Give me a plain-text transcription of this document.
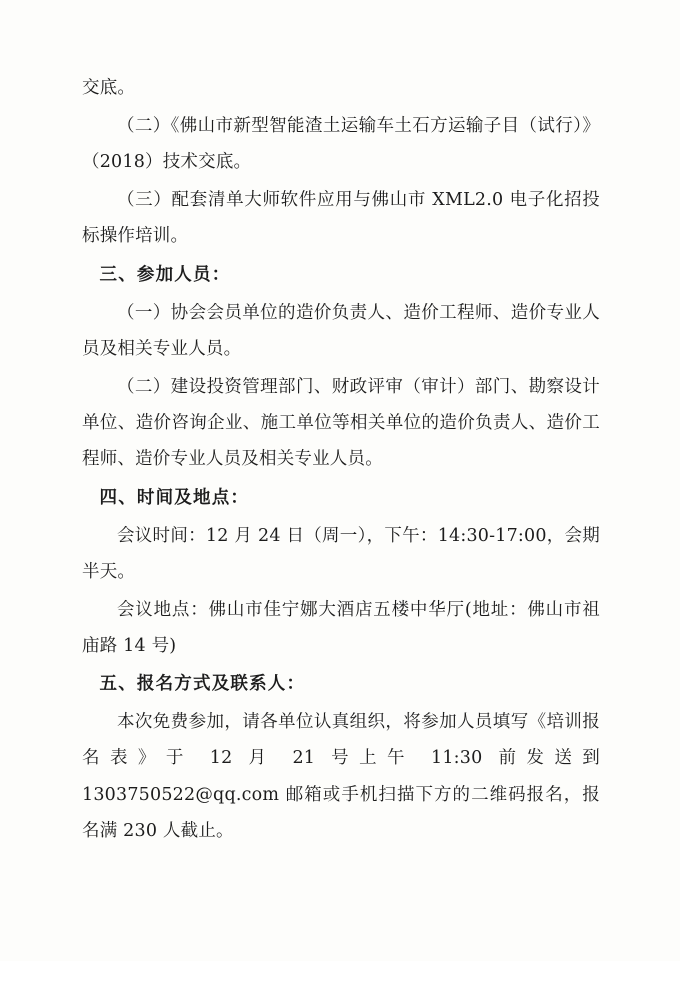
交底。

（二）《佛山市新型智能渣土运输车土石方运输子目（试行）》（2018）技术交底。

（三）配套清单大师软件应用与佛山市 XML2.0 电子化招投标操作培训。

三、参加人员：

（一）协会会员单位的造价负责人、造价工程师、造价专业人员及相关专业人员。

（二）建设投资管理部门、财政评审（审计）部门、勘察设计单位、造价咨询企业、施工单位等相关单位的造价负责人、造价工程师、造价专业人员及相关专业人员。

四、时间及地点：

会议时间：12 月 24 日（周一），下午：14:30-17:00，会期半天。

会议地点：佛山市佳宁娜大酒店五楼中华厅(地址：佛山市祖庙路 14 号)

五、报名方式及联系人：

本次免费参加，请各单位认真组织，将参加人员填写《培训报名表》于 12 月 21 号上午 11:30 前发送到 1303750522@qq.com 邮箱或手机扫描下方的二维码报名，报名满 230 人截止。
